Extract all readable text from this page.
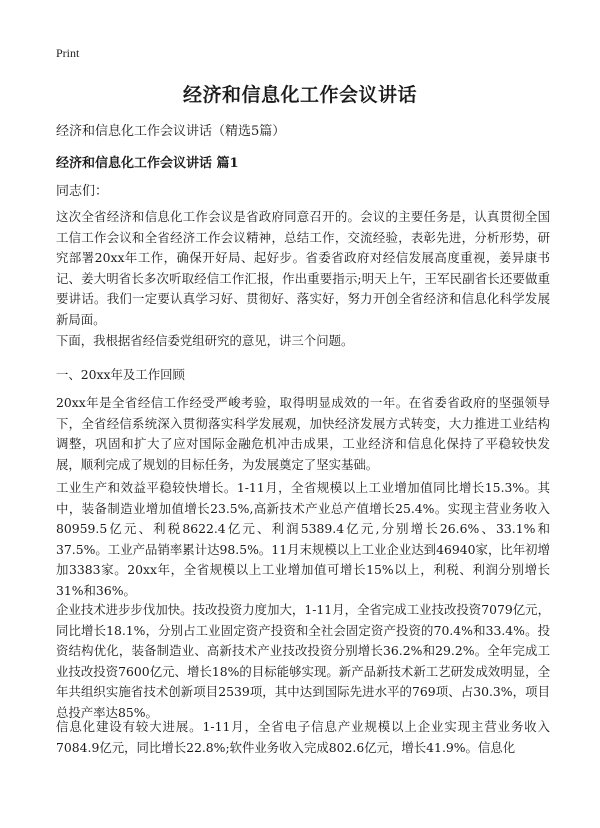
Print
经济和信息化工作会议讲话
经济和信息化工作会议讲话（精选5篇）
经济和信息化工作会议讲话 篇1
同志们：

这次全省经济和信息化工作会议是省政府同意召开的。会议的主要任务是，认真贯彻全国工信工作会议和全省经济工作会议精神，总结工作，交流经验，表彰先进，分析形势，研究部署20xx年工作，确保开好局、起好步。省委省政府对经信发展高度重视，姜异康书记、姜大明省长多次听取经信工作汇报，作出重要指示;明天上午，王军民副省长还要做重要讲话。我们一定要认真学习好、贯彻好、落实好，努力开创全省经济和信息化科学发展新局面。

下面，我根据省经信委党组研究的意见，讲三个问题。

一、20xx年及工作回顾

20xx年是全省经信工作经受严峻考验，取得明显成效的一年。在省委省政府的坚强领导下，全省经信系统深入贯彻落实科学发展观，加快经济发展方式转变，大力推进工业结构调整，巩固和扩大了应对国际金融危机冲击成果，工业经济和信息化保持了平稳较快发展，顺利完成了规划的目标任务，为发展奠定了坚实基础。

工业生产和效益平稳较快增长。1-11月，全省规模以上工业增加值同比增长15.3%。其中，装备制造业增加值增长23.5%,高新技术产业总产值增长25.4%。实现主营业务收入80959.5亿元、利税8622.4亿元、利润5389.4亿元,分别增长26.6%、33.1%和37.5%。工业产品销率累计达98.5%。11月末规模以上工业企业达到46940家，比年初增加3383家。20xx年，全省规模以上工业增加值可增长15%以上，利税、利润分别增长31%和36%。

企业技术进步步伐加快。技改投资力度加大，1-11月，全省完成工业技改投资7079亿元，同比增长18.1%，分别占工业固定资产投资和全社会固定资产投资的70.4%和33.4%。投资结构优化，装备制造业、高新技术产业技改投资分别增长36.2%和29.2%。全年完成工业技改投资7600亿元、增长18%的目标能够实现。新产品新技术新工艺研发成效明显，全年共组织实施省技术创新项目2539项，其中达到国际先进水平的769项、占30.3%，项目总投产率达85%。

信息化建设有较大进展。1-11月，全省电子信息产业规模以上企业实现主营业务收入7084.9亿元，同比增长22.8%;软件业务收入完成802.6亿元，增长41.9%。信息化
